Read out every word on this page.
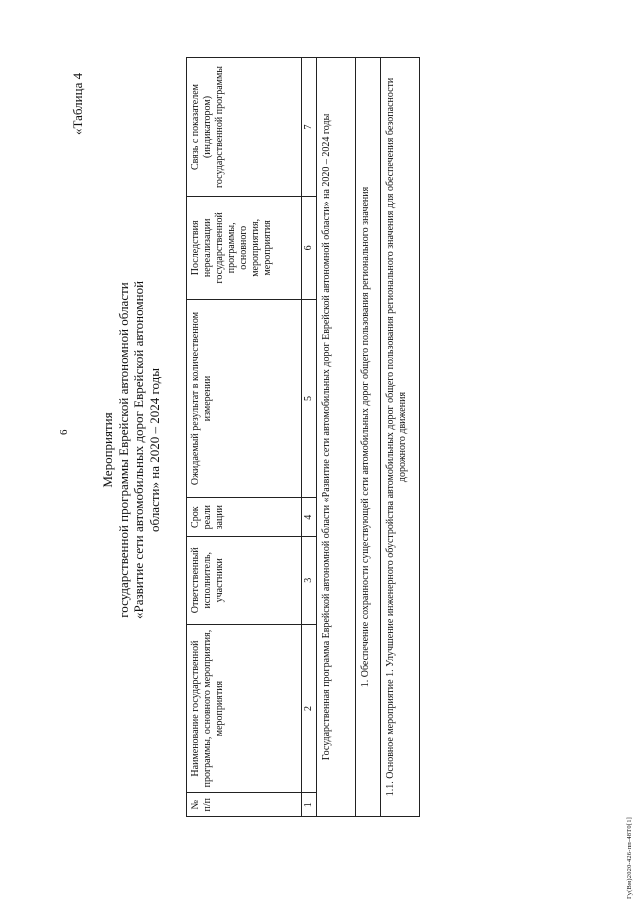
6
«Таблица 4
Гу(Вм)2020-426-пп-48Т0[1]
Мероприятия государственной программы Еврейской автономной области «Развитие сети автомобильных дорог Еврейской автономной области» на 2020 – 2024 годы
№ п/п	Наименование государственной программы, основного мероприятия, мероприятия	Ответственный исполнитель, участники	Срок реали зации	Ожидаемый результат в количественном измерении	Последствия нереализации государственной программы, основного мероприятия, мероприятия	Связь с показателем (индикатором) государственной программы
1	2	3	4	5	6	7
Государственная программа Еврейской автономной области «Развитие сети автомобильных дорог Еврейской автономной области» на 2020 – 2024 годы						
1. Обеспечение сохранности существующей сети автомобильных дорог общего пользования регионального значения						
1.1. Основное мероприятие 1. Улучшение инженерного обустройства автомобильных дорог общего пользования регионального значения для обеспечения безопасности дорожного движения						
